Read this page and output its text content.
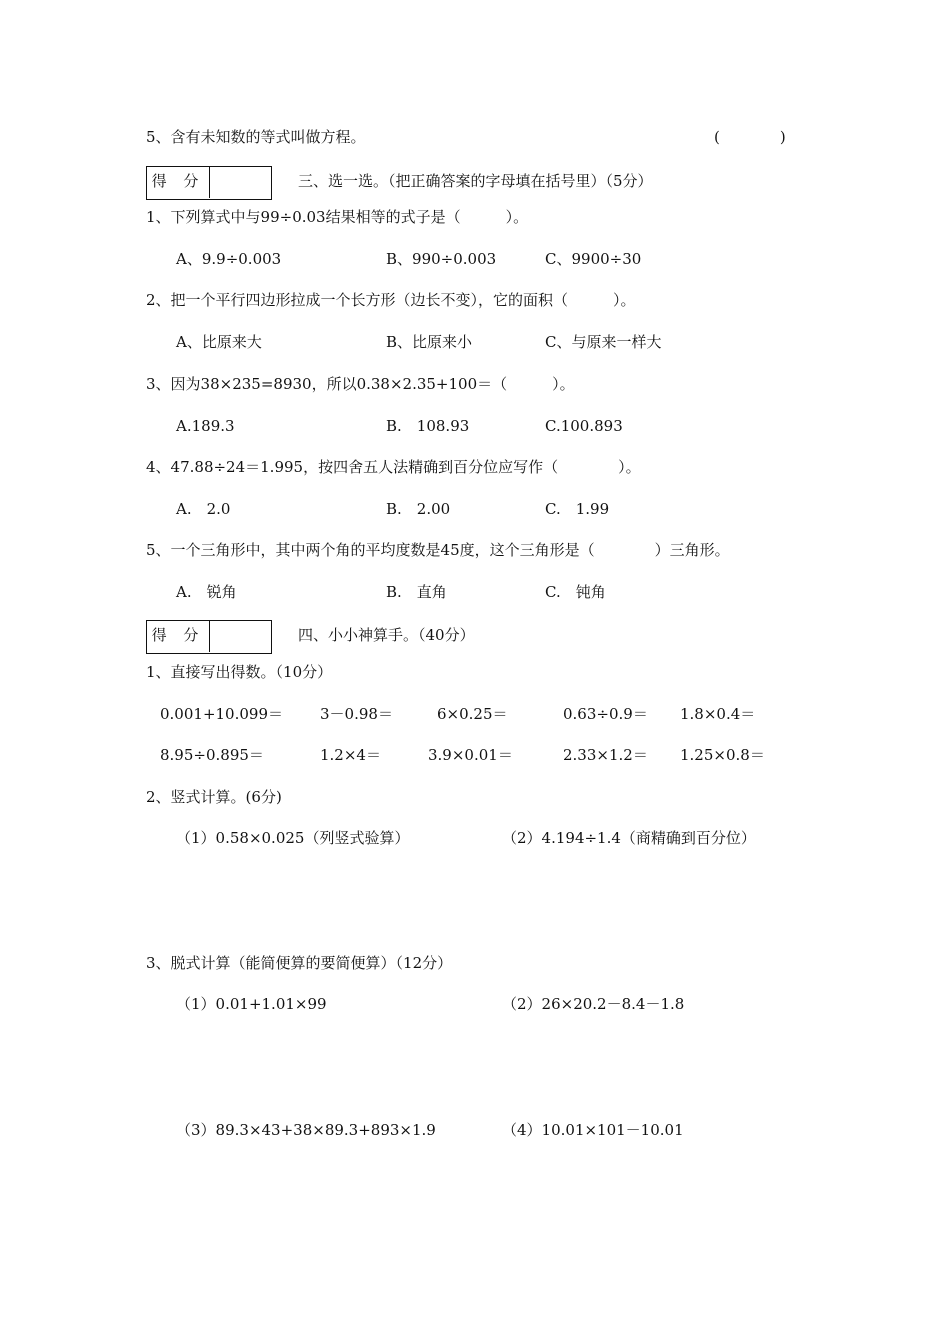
5、含有未知数的等式叫做方程。	(　　　　)
得 分	三、选一选。（把正确答案的字母填在括号里）（5分）
1、下列算式中与99÷0.03结果相等的式子是（　　　）。
A、9.9÷0.003	B、990÷0.003	C、9900÷30
2、把一个平行四边形拉成一个长方形（边长不变），它的面积（　　　）。
A、比原来大	B、比原来小	C、与原来一样大
3、因为38×235=8930，所以0.38×2.35+100＝（　　　）。
A.189.3	B.　108.93	C.100.893
4、47.88÷24＝1.995，按四舍五人法精确到百分位应写作（　　　　）。
A.　2.0	B.　2.00	C.　1.99
5、一个三角形中，其中两个角的平均度数是45度，这个三角形是（　　　　）三角形。
A.　锐角	B.　直角	C.　钝角
得 分	四、小小神算手。（40分）
1、直接写出得数。（10分）
0.001+10.099＝ 3－0.98＝	6×0.25＝	0.63÷0.9＝ 1.8×0.4＝
8.95÷0.895＝	1.2×4＝	3.9×0.01＝	2.33×1.2＝ 1.25×0.8＝
2、竖式计算。(6分)
（1）0.58×0.025（列竖式验算）	（2）4.194÷1.4（商精确到百分位）
3、脱式计算（能简便算的要简便算）（12分）
（1）0.01+1.01×99	（2）26×20.2－8.4－1.8
（3）89.3×43+38×89.3+893×1.9	（4）10.01×101－10.01
